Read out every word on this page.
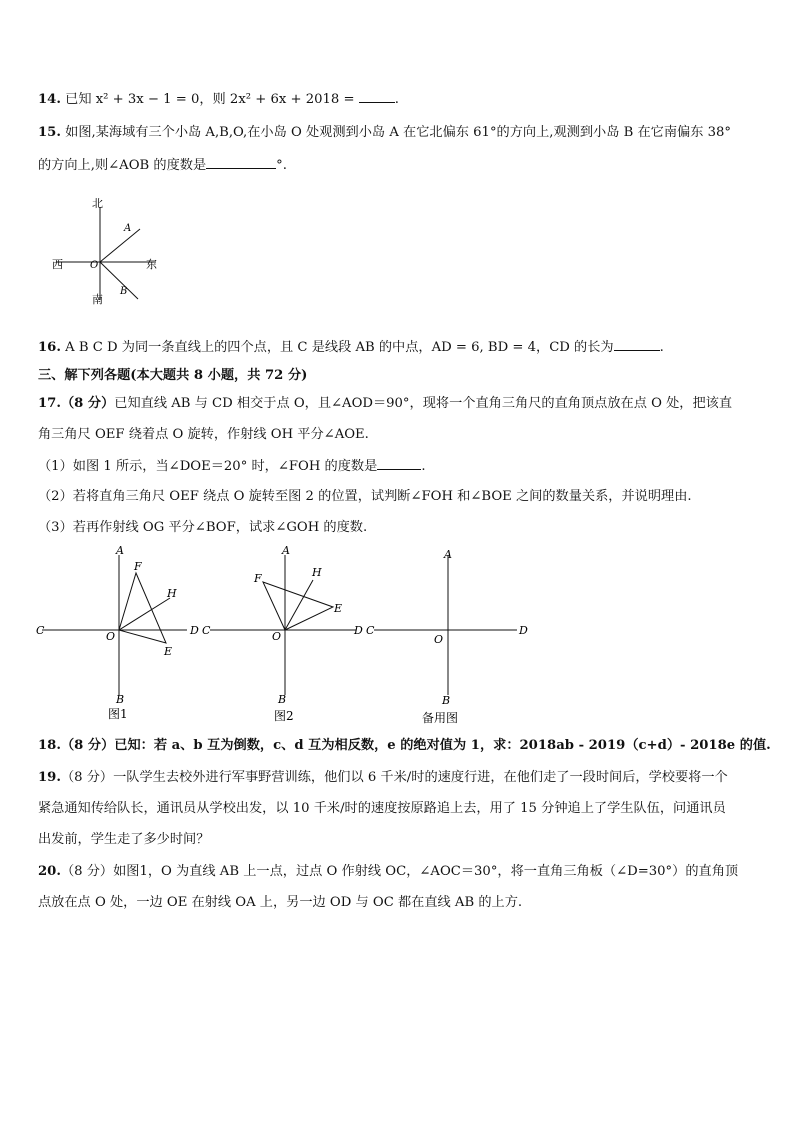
14. 已知 x² + 3x − 1 = 0，则 2x² + 6x + 2018 =	.
15. 如图,某海域有三个小岛 A,B,O,在小岛 O 处观测到小岛 A 在它北偏东 61°的方向上,观测到小岛 B 在它南偏东 38°
的方向上,则∠AOB 的度数是	°.
北
南
西	东
A
B
O
16. A B C D 为同一条直线上的四个点，且 C 是线段 AB 的中点，AD = 6, BD = 4，CD 的长为	.
三、解下列各题(本大题共 8 小题，共 72 分)
17.（8 分）已知直线 AB 与 CD 相交于点 O，且∠AOD＝90°，现将一个直角三角尺的直角顶点放在点 O 处，把该直
角三角尺 OEF 绕着点 O 旋转，作射线 OH 平分∠AOE.
（1）如图 1 所示，当∠DOE＝20° 时，∠FOH 的度数是	.
（2）若将直角三角尺 OEF 绕点 O 旋转至图 2 的位置，试判断∠FOH 和∠BOE 之间的数量关系，并说明理由.
（3）若再作射线 OG 平分∠BOF，试求∠GOH 的度数.
A
B
C	D
O
F
H
E
图1
A
B
C	D
O
F	H
E
图2
A
B
C	D
O
备用图
18.（8 分）已知：若 a、b 互为倒数，c、d 互为相反数，e 的绝对值为 1，求：2018ab - 2019（c+d）- 2018e 的值.
19.（8 分）一队学生去校外进行军事野营训练，他们以 6 千米/时的速度行进，在他们走了一段时间后，学校要将一个
紧急通知传给队长，通讯员从学校出发，以 10 千米/时的速度按原路追上去，用了 15 分钟追上了学生队伍，问通讯员
出发前，学生走了多少时间？
20.（8 分）如图1，O 为直线 AB 上一点，过点 O 作射线 OC，∠AOC＝30°，将一直角三角板（∠D=30°）的直角顶
点放在点 O 处，一边 OE 在射线 OA 上，另一边 OD 与 OC 都在直线 AB 的上方.
